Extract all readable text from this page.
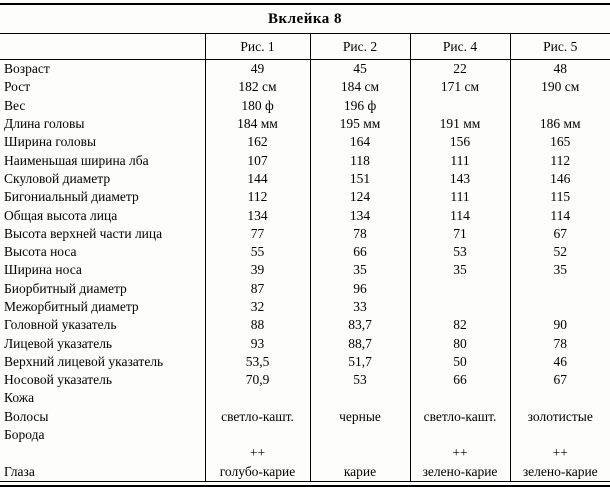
Вклейка 8				
	Рис. 1	Рис. 2	Рис. 4	Рис. 5
Возраст	49	45	22	48
Рост	182 см	184 см	171 см	190 см
Вес	180 ф	196 ф		
Длина головы	184 мм	195 мм	191 мм	186 мм
Ширина головы	162	164	156	165
Наименьшая ширина лба	107	118	111	112
Скуловой диаметр	144	151	143	146
Бигониальный диаметр	112	124	111	115
Общая высота лица	134	134	114	114
Высота верхней части лица	77	78	71	67
Высота носа	55	66	53	52
Ширина носа	39	35	35	35
Биорбитный диаметр	87	96		
Межорбитный диаметр	32	33		
Головной указатель	88	83,7	82	90
Лицевой указатель	93	88,7	80	78
Верхний лицевой указатель	53,5	51,7	50	46
Носовой указатель	70,9	53	66	67
Кожа				
Волосы	светло-кашт.	черные	светло-кашт.	золотистые
Борода				
	++		++	++
Глаза	голубо-карие	карие	зелено-карие	зелено-карие
